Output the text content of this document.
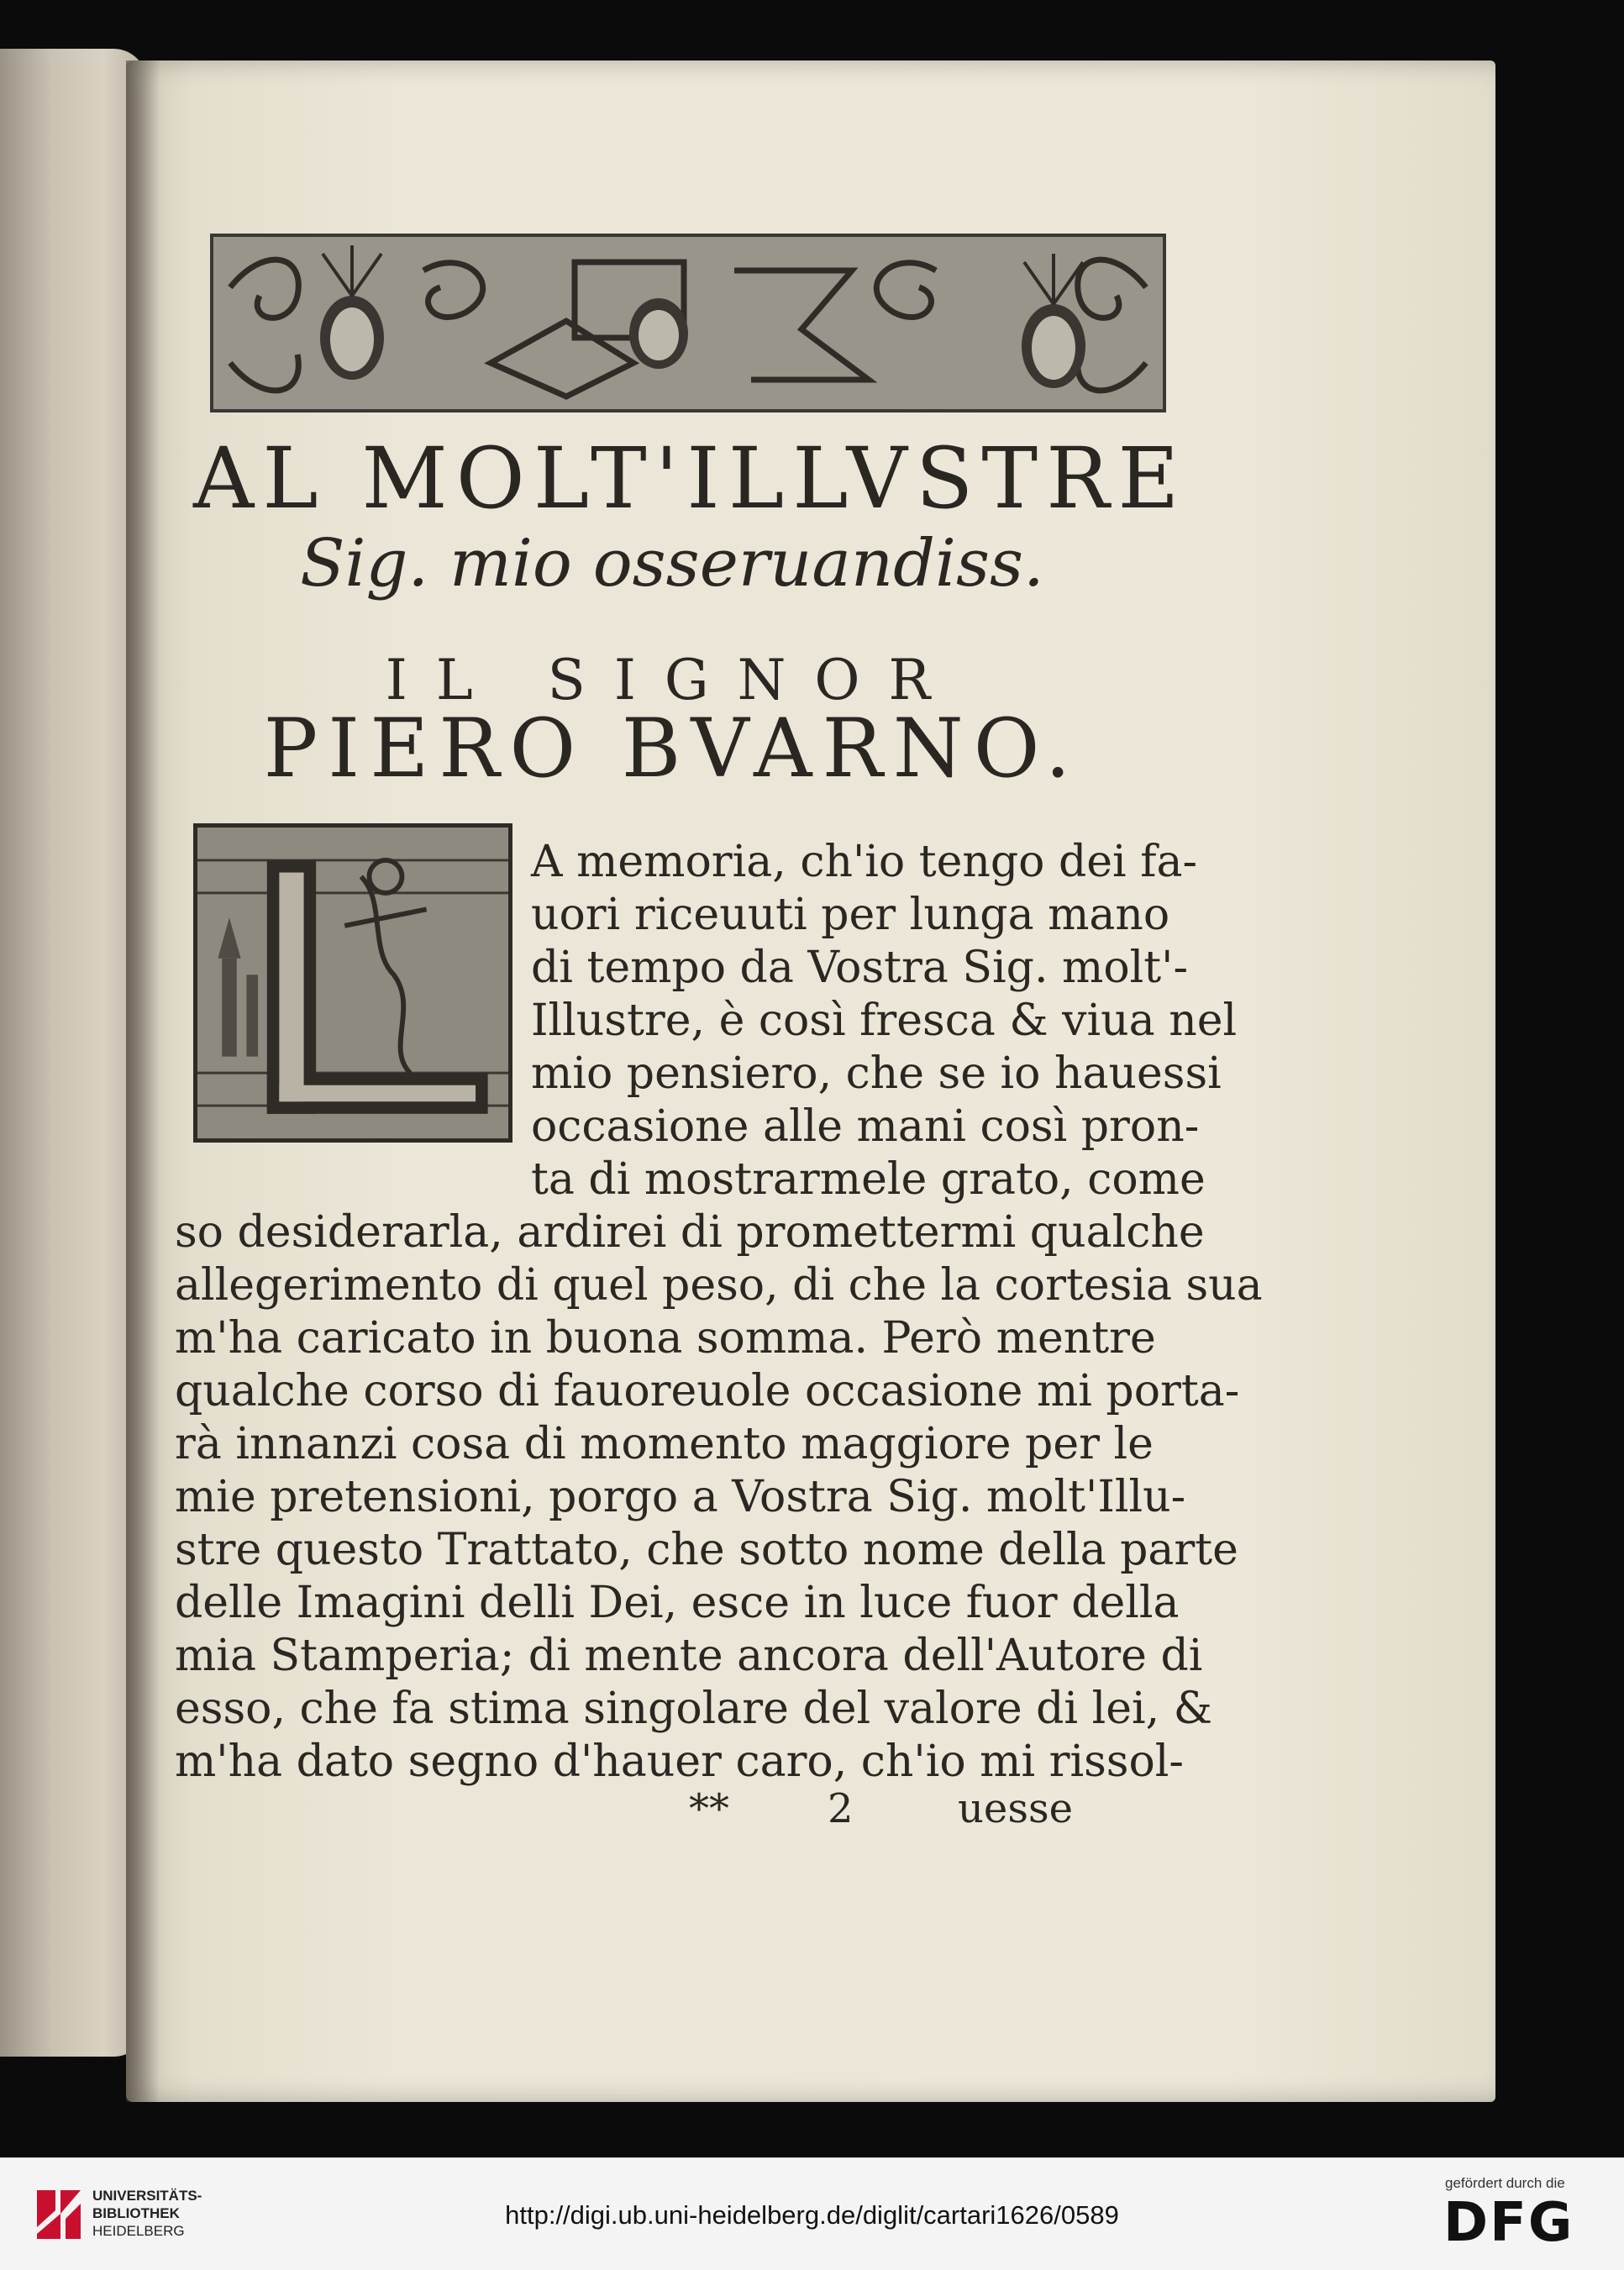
AL MOLT'ILLVSTRE
Sig. mio osseruandiss.
IL SIGNOR
PIERO BVARNO.
L
A memoria, ch'io tengo dei fa-
uori riceuuti per lunga mano
di tempo da Vostra Sig. molt'-
Illustre, è così fresca & viua nel
mio pensiero, che se io hauessi
occasione alle mani così pron-
ta di mostrarmele grato, come
so desiderarla, ardirei di promettermi qualche
allegerimento di quel peso, di che la cortesia sua
m'ha caricato in buona somma. Però mentre
qualche corso di fauoreuole occasione mi porta-
rà innanzi cosa di momento maggiore per le
mie pretensioni, porgo a Vostra Sig. molt'Illu-
stre questo Trattato, che sotto nome della parte
delle Imagini delli Dei, esce in luce fuor della
mia Stamperia; di mente ancora dell'Autore di
esso, che fa stima singolare del valore di lei, &
m'ha dato segno d'hauer caro, ch'io mi rissol-
** 2	uesse
UNIVERSITÄTS-
BIBLIOTHEK
HEIDELBERG
http://digi.ub.uni-heidelberg.de/diglit/cartari1626/0589
gefördert durch die
DFG
